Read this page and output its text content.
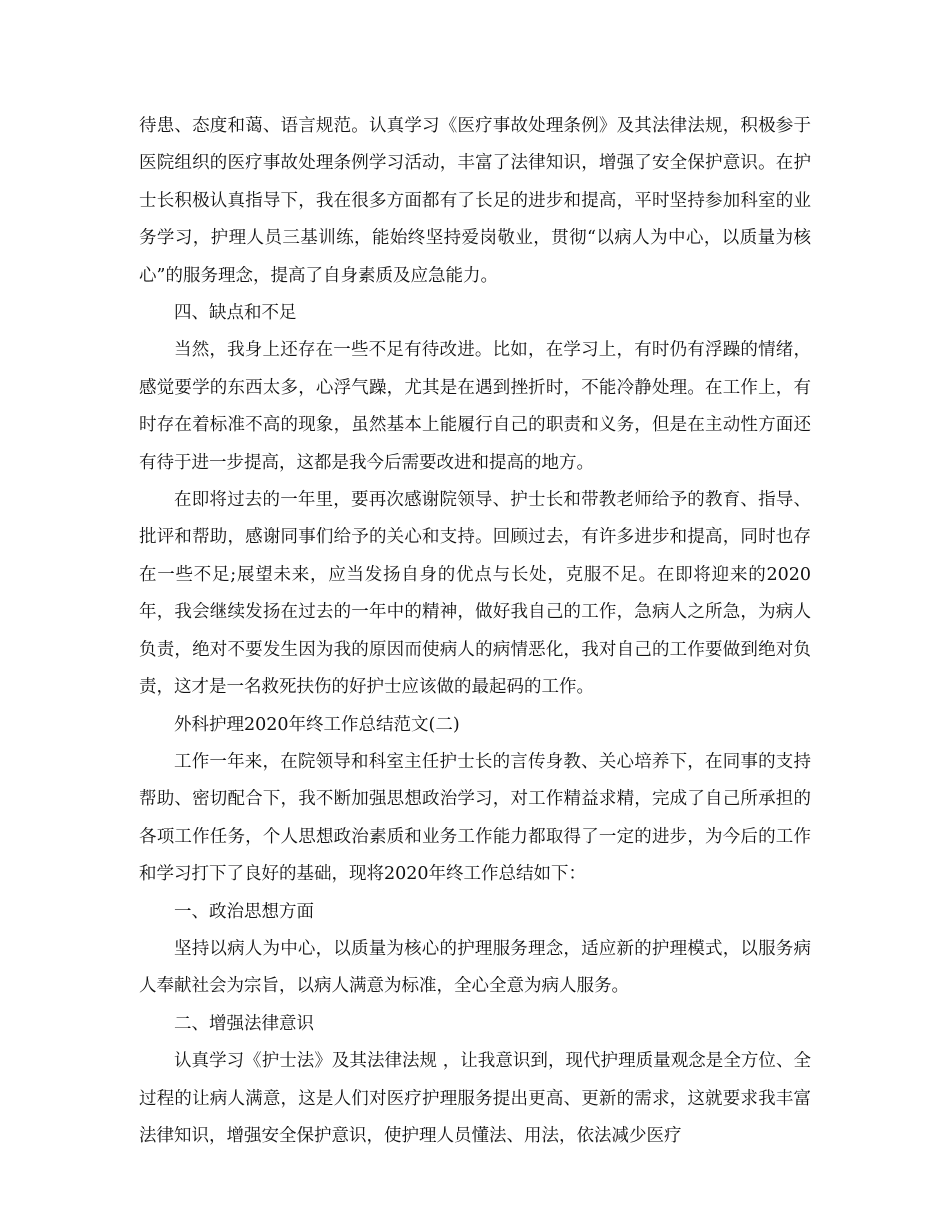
待患、态度和蔼、语言规范。认真学习《医疗事故处理条例》及其法律法规，积极参于医院组织的医疗事故处理条例学习活动，丰富了法律知识，增强了安全保护意识。在护士长积极认真指导下，我在很多方面都有了长足的进步和提高，平时坚持参加科室的业务学习，护理人员三基训练，能始终坚持爱岗敬业，贯彻“以病人为中心，以质量为核心”的服务理念，提高了自身素质及应急能力。

四、缺点和不足

当然，我身上还存在一些不足有待改进。比如，在学习上，有时仍有浮躁的情绪，感觉要学的东西太多，心浮气躁，尤其是在遇到挫折时，不能冷静处理。在工作上，有时存在着标准不高的现象，虽然基本上能履行自己的职责和义务，但是在主动性方面还有待于进一步提高，这都是我今后需要改进和提高的地方。

在即将过去的一年里，要再次感谢院领导、护士长和带教老师给予的教育、指导、批评和帮助，感谢同事们给予的关心和支持。回顾过去，有许多进步和提高，同时也存在一些不足;展望未来，应当发扬自身的优点与长处，克服不足。在即将迎来的2020年，我会继续发扬在过去的一年中的精神，做好我自己的工作，急病人之所急，为病人负责，绝对不要发生因为我的原因而使病人的病情恶化，我对自己的工作要做到绝对负责，这才是一名救死扶伤的好护士应该做的最起码的工作。

外科护理2020年终工作总结范文(二)

工作一年来，在院领导和科室主任护士长的言传身教、关心培养下，在同事的支持帮助、密切配合下，我不断加强思想政治学习，对工作精益求精，完成了自己所承担的各项工作任务，个人思想政治素质和业务工作能力都取得了一定的进步，为今后的工作和学习打下了良好的基础，现将2020年终工作总结如下：

一、政治思想方面

坚持以病人为中心，以质量为核心的护理服务理念，适应新的护理模式，以服务病人奉献社会为宗旨，以病人满意为标准，全心全意为病人服务。

二、增强法律意识

认真学习《护士法》及其法律法规 ，让我意识到，现代护理质量观念是全方位、全过程的让病人满意，这是人们对医疗护理服务提出更高、更新的需求，这就要求我丰富法律知识，增强安全保护意识，使护理人员懂法、用法，依法减少医疗
